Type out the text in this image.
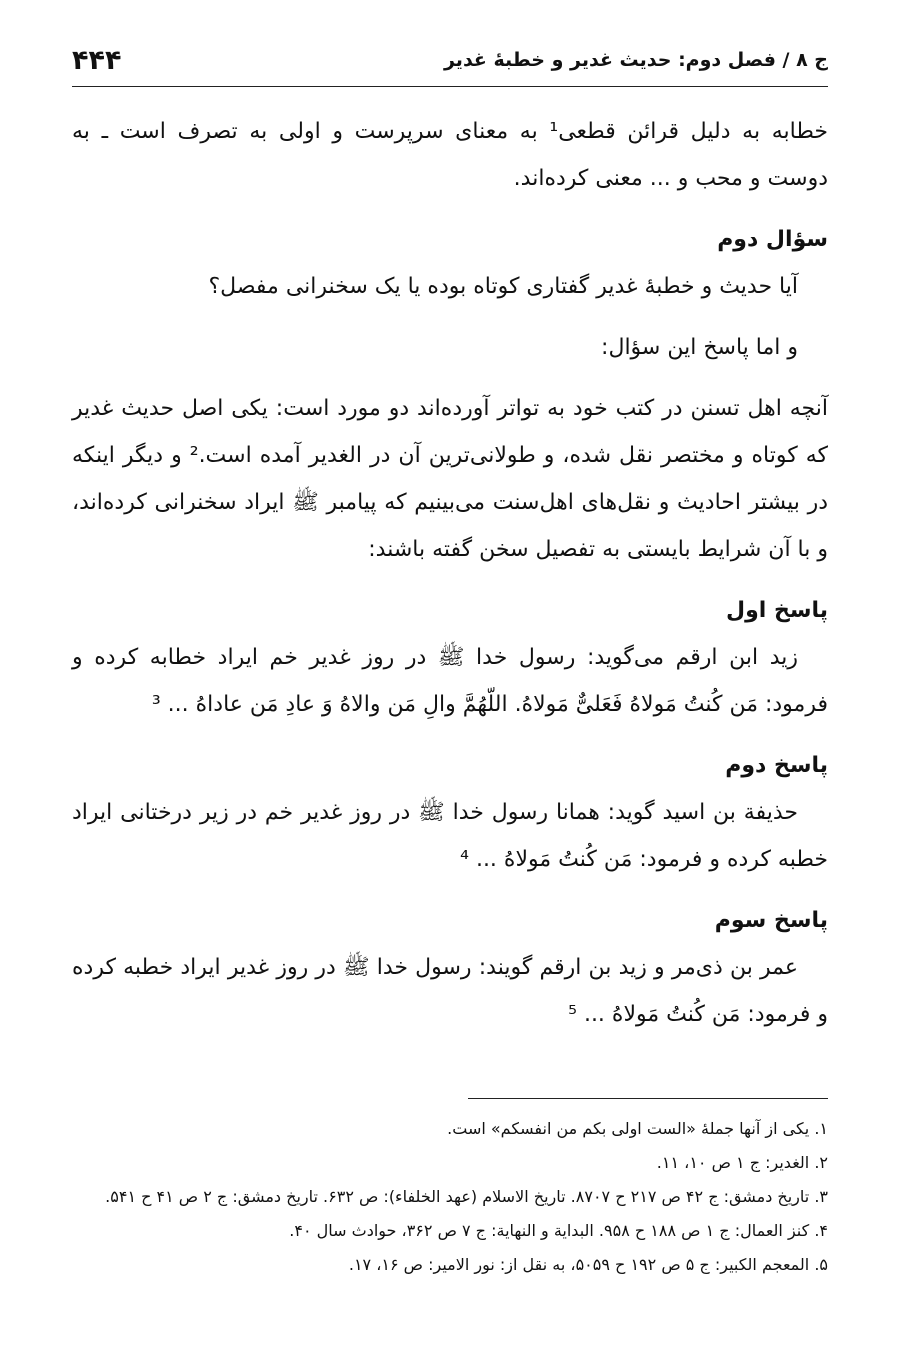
ج ۸ / فصل دوم: حدیث غدیر و خطبۀ غدیر
۴۴۴

خطابه به دلیل قرائن قطعی¹ به معنای سرپرست و اولی به تصرف است ـ به دوست و محب و ... معنی کرده‌اند.

سؤال دوم

آیا حدیث و خطبۀ غدیر گفتاری کوتاه بوده یا یک سخنرانی مفصل؟

و اما پاسخ این سؤال:

آنچه اهل تسنن در کتب خود به تواتر آورده‌اند دو مورد است: یکی اصل حدیث غدیر که کوتاه و مختصر نقل شده، و طولانی‌ترین آن در الغدیر آمده است.² و دیگر اینکه در بیشتر احادیث و نقل‌های اهل‌سنت می‌بینیم که پیامبر ﷺ ایراد سخنرانی کرده‌اند، و با آن شرایط بایستی به تفصیل سخن گفته باشند:

پاسخ اول

زید ابن ارقم می‌گوید: رسول خدا ﷺ در روز غدیر خم ایراد خطابه کرده و فرمود: مَن کُنتُ مَولاهُ فَعَلیٌّ مَولاهُ. اللّهُمَّ والِ مَن والاهُ وَ عادِ مَن عاداهُ ... ³

پاسخ دوم

حذیفة بن اسید گوید: همانا رسول خدا ﷺ در روز غدیر خم در زیر درختانی ایراد خطبه کرده و فرمود: مَن کُنتُ مَولاهُ ... ⁴

پاسخ سوم

عمر بن ذی‌مر و زید بن ارقم گویند: رسول خدا ﷺ در روز غدیر ایراد خطبه کرده و فرمود: مَن کُنتُ مَولاهُ ... ⁵

۱. یکی از آنها جملۀ «الست اولی بکم من انفسکم» است.
۲. الغدیر: ج ۱ ص ۱۰، ۱۱.
۳. تاریخ دمشق: ج ۴۲ ص ۲۱۷ ح ۸۷۰۷. تاریخ الاسلام (عهد الخلفاء): ص ۶۳۲. تاریخ دمشق: ج ۲ ص ۴۱ ح ۵۴۱.
۴. کنز العمال: ج ۱ ص ۱۸۸ ح ۹۵۸. البدایة و النهایة: ج ۷ ص ۳۶۲، حوادث سال ۴۰.
۵. المعجم الکبیر: ج ۵ ص ۱۹۲ ح ۵۰۵۹، به نقل از: نور الامیر: ص ۱۶، ۱۷.
